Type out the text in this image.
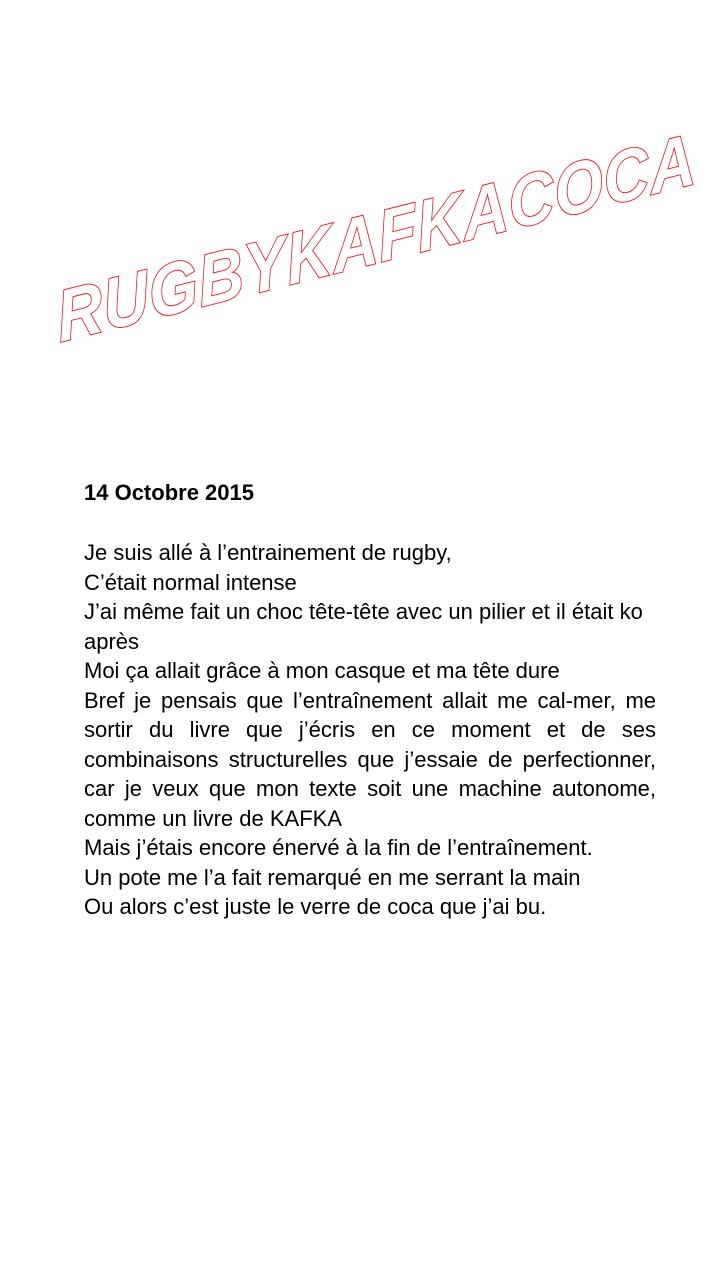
RUGBYKAFKACOCA

14 Octobre 2015

Je suis allé à l’entrainement de rugby,

C’était normal intense

J’ai même fait un choc tête-tête avec un pilier et il était ko après

Moi ça allait grâce à mon casque et ma tête dure

Bref je pensais que l’entraînement allait me cal-mer, me sortir du livre que j’écris en ce moment et de ses combinaisons structurelles que j’essaie de perfectionner, car je veux que mon texte soit une machine autonome, comme un livre de KAFKA

Mais j’étais encore énervé à la fin de l’entraînement.

Un pote me l’a fait remarqué en me serrant la main

Ou alors c’est juste le verre de coca que j’ai bu.
